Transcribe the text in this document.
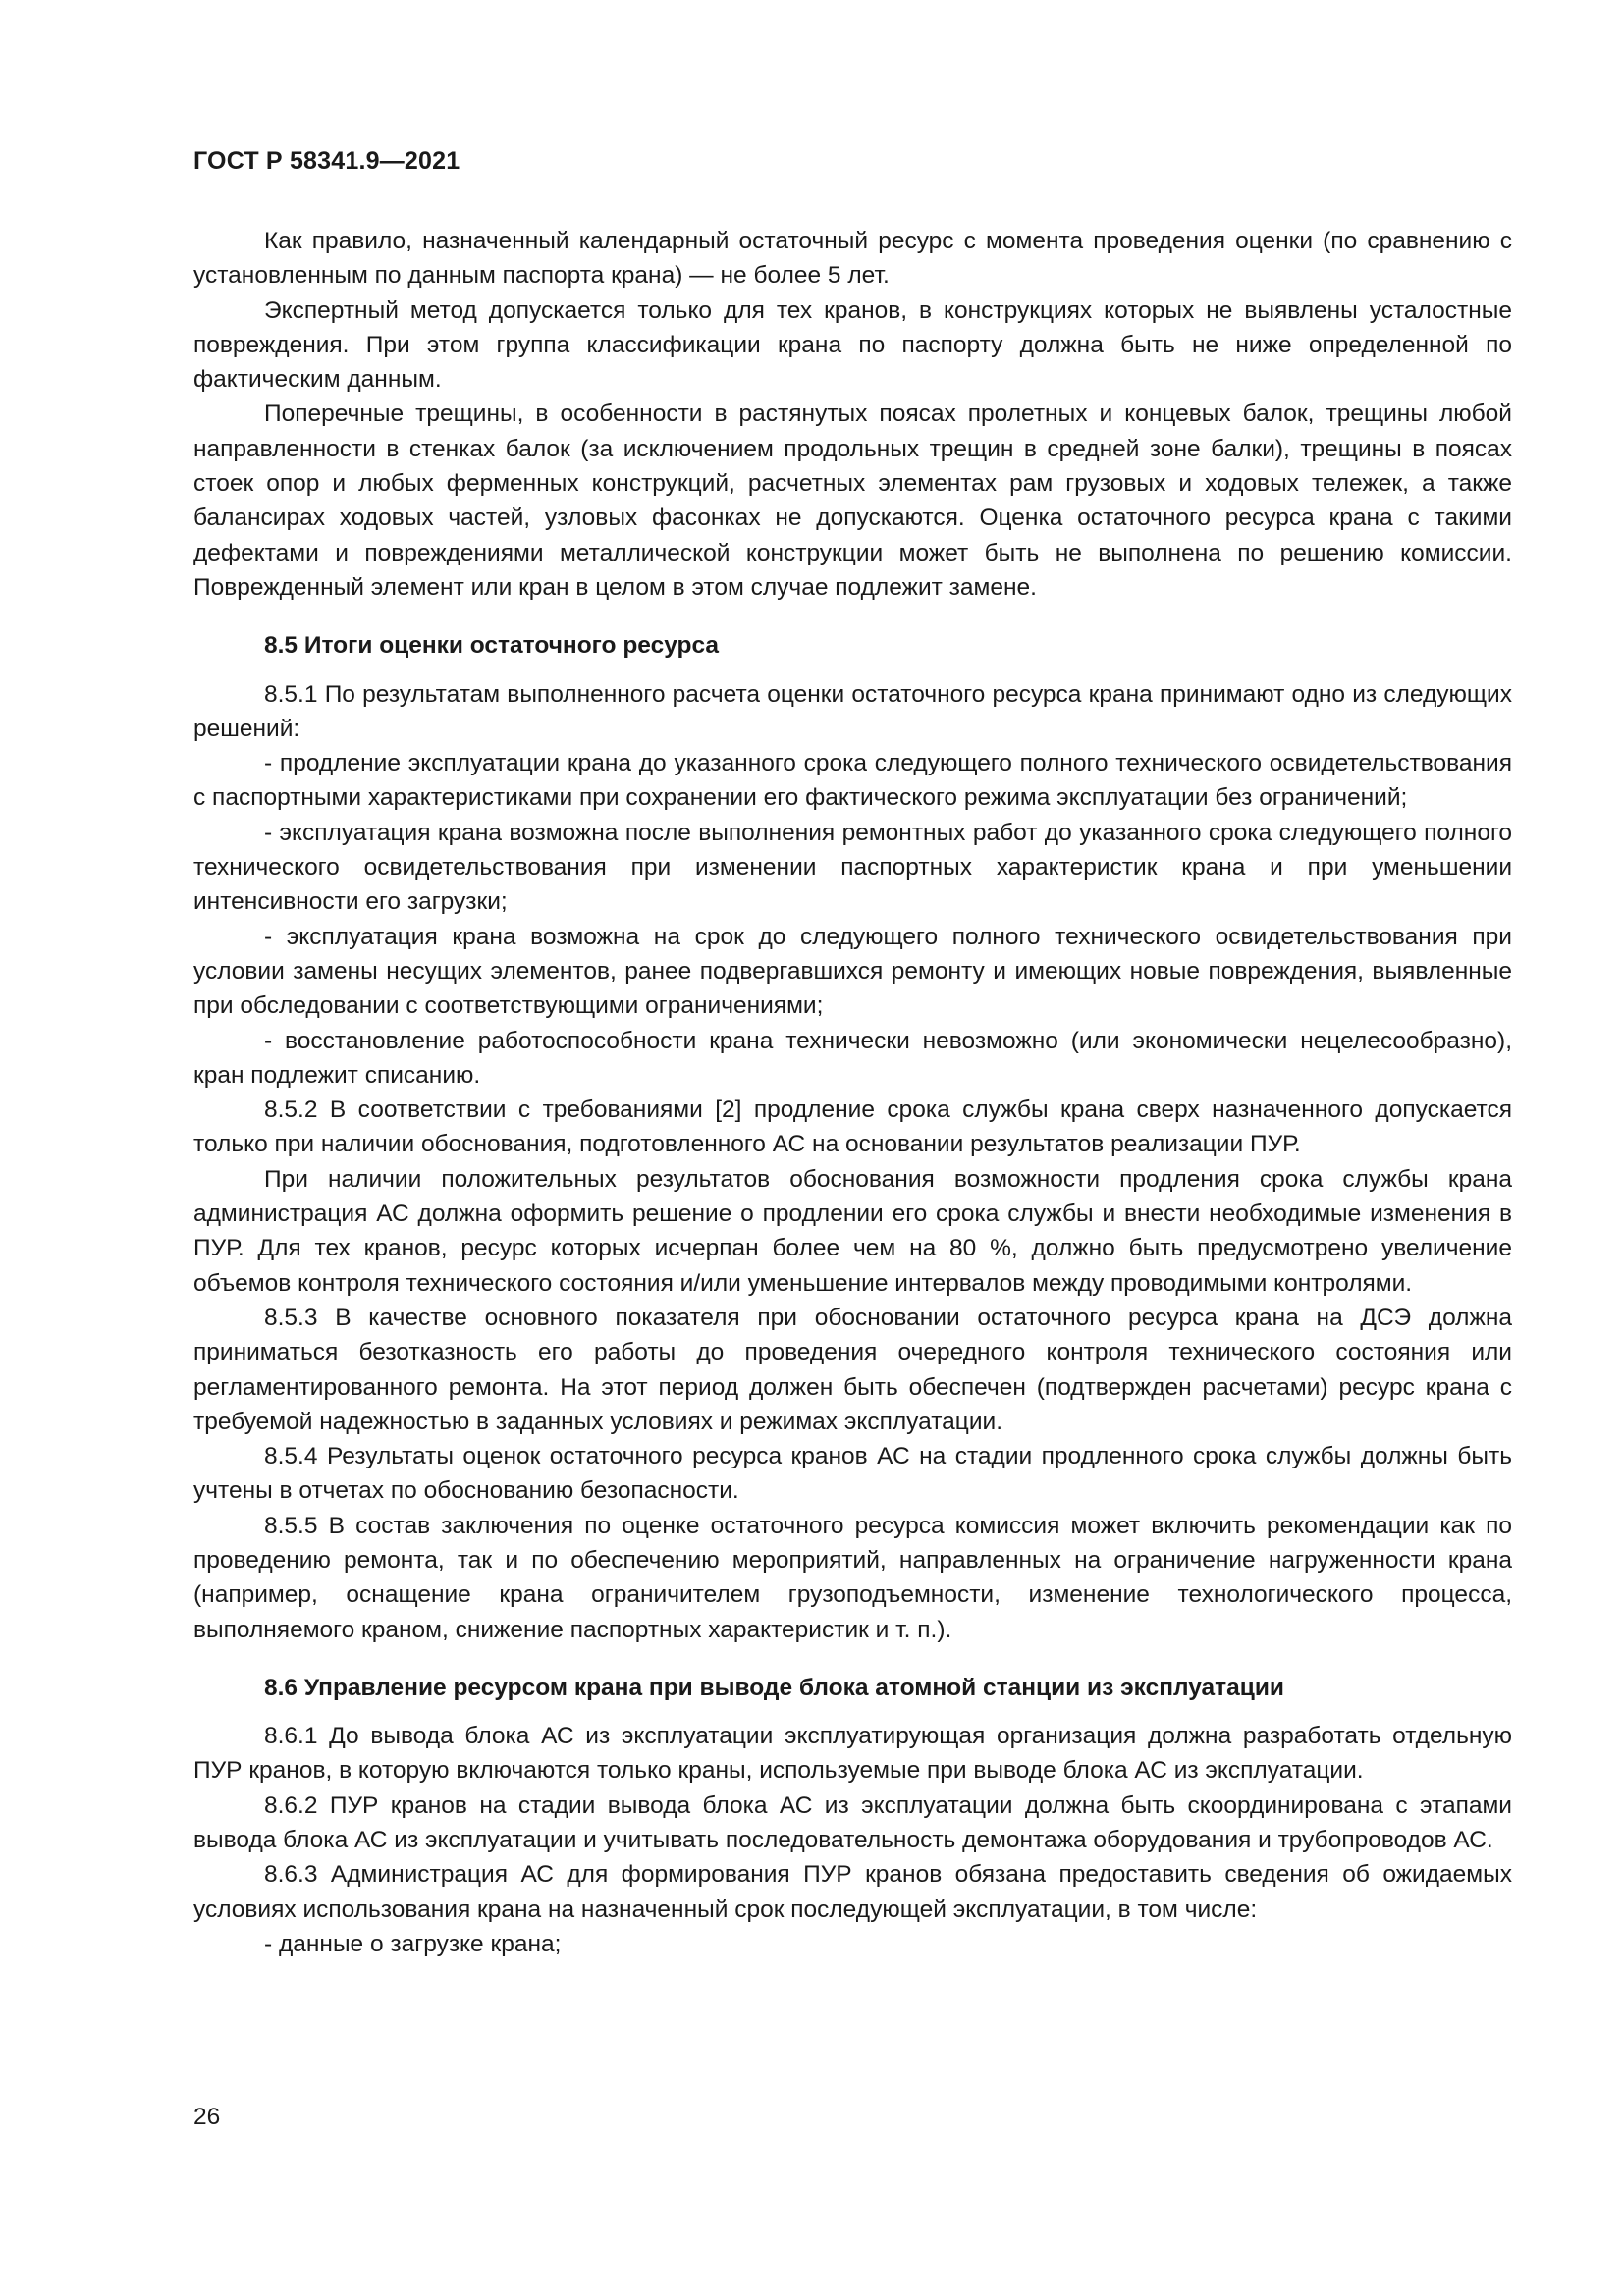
ГОСТ Р 58341.9—2021

Как правило, назначенный календарный остаточный ресурс с момента проведения оценки (по сравнению с установленным по данным паспорта крана) — не более 5 лет.

Экспертный метод допускается только для тех кранов, в конструкциях которых не выявлены усталостные повреждения. При этом группа классификации крана по паспорту должна быть не ниже определенной по фактическим данным.

Поперечные трещины, в особенности в растянутых поясах пролетных и концевых балок, трещины любой направленности в стенках балок (за исключением продольных трещин в средней зоне балки), трещины в поясах стоек опор и любых ферменных конструкций, расчетных элементах рам грузовых и ходовых тележек, а также балансирах ходовых частей, узловых фасонках не допускаются. Оценка остаточного ресурса крана с такими дефектами и повреждениями металлической конструкции может быть не выполнена по решению комиссии. Поврежденный элемент или кран в целом в этом случае подлежит замене.

8.5 Итоги оценки остаточного ресурса

8.5.1 По результатам выполненного расчета оценки остаточного ресурса крана принимают одно из следующих решений:

- продление эксплуатации крана до указанного срока следующего полного технического освидетельствования с паспортными характеристиками при сохранении его фактического режима эксплуатации без ограничений;

- эксплуатация крана возможна после выполнения ремонтных работ до указанного срока следующего полного технического освидетельствования при изменении паспортных характеристик крана и при уменьшении интенсивности его загрузки;

- эксплуатация крана возможна на срок до следующего полного технического освидетельствования при условии замены несущих элементов, ранее подвергавшихся ремонту и имеющих новые повреждения, выявленные при обследовании с соответствующими ограничениями;

- восстановление работоспособности крана технически невозможно (или экономически нецелесообразно), кран подлежит списанию.

8.5.2 В соответствии с требованиями [2] продление срока службы крана сверх назначенного допускается только при наличии обоснования, подготовленного АС на основании результатов реализации ПУР.

При наличии положительных результатов обоснования возможности продления срока службы крана администрация АС должна оформить решение о продлении его срока службы и внести необходимые изменения в ПУР. Для тех кранов, ресурс которых исчерпан более чем на 80 %, должно быть предусмотрено увеличение объемов контроля технического состояния и/или уменьшение интервалов между проводимыми контролями.

8.5.3 В качестве основного показателя при обосновании остаточного ресурса крана на ДСЭ должна приниматься безотказность его работы до проведения очередного контроля технического состояния или регламентированного ремонта. На этот период должен быть обеспечен (подтвержден расчетами) ресурс крана с требуемой надежностью в заданных условиях и режимах эксплуатации.

8.5.4 Результаты оценок остаточного ресурса кранов АС на стадии продленного срока службы должны быть учтены в отчетах по обоснованию безопасности.

8.5.5 В состав заключения по оценке остаточного ресурса комиссия может включить рекомендации как по проведению ремонта, так и по обеспечению мероприятий, направленных на ограничение нагруженности крана (например, оснащение крана ограничителем грузоподъемности, изменение технологического процесса, выполняемого краном, снижение паспортных характеристик и т. п.).

8.6 Управление ресурсом крана при выводе блока атомной станции из эксплуатации

8.6.1 До вывода блока АС из эксплуатации эксплуатирующая организация должна разработать отдельную ПУР кранов, в которую включаются только краны, используемые при выводе блока АС из эксплуатации.

8.6.2 ПУР кранов на стадии вывода блока АС из эксплуатации должна быть скоординирована с этапами вывода блока АС из эксплуатации и учитывать последовательность демонтажа оборудования и трубопроводов АС.

8.6.3 Администрация АС для формирования ПУР кранов обязана предоставить сведения об ожидаемых условиях использования крана на назначенный срок последующей эксплуатации, в том числе:

- данные о загрузке крана;

26
